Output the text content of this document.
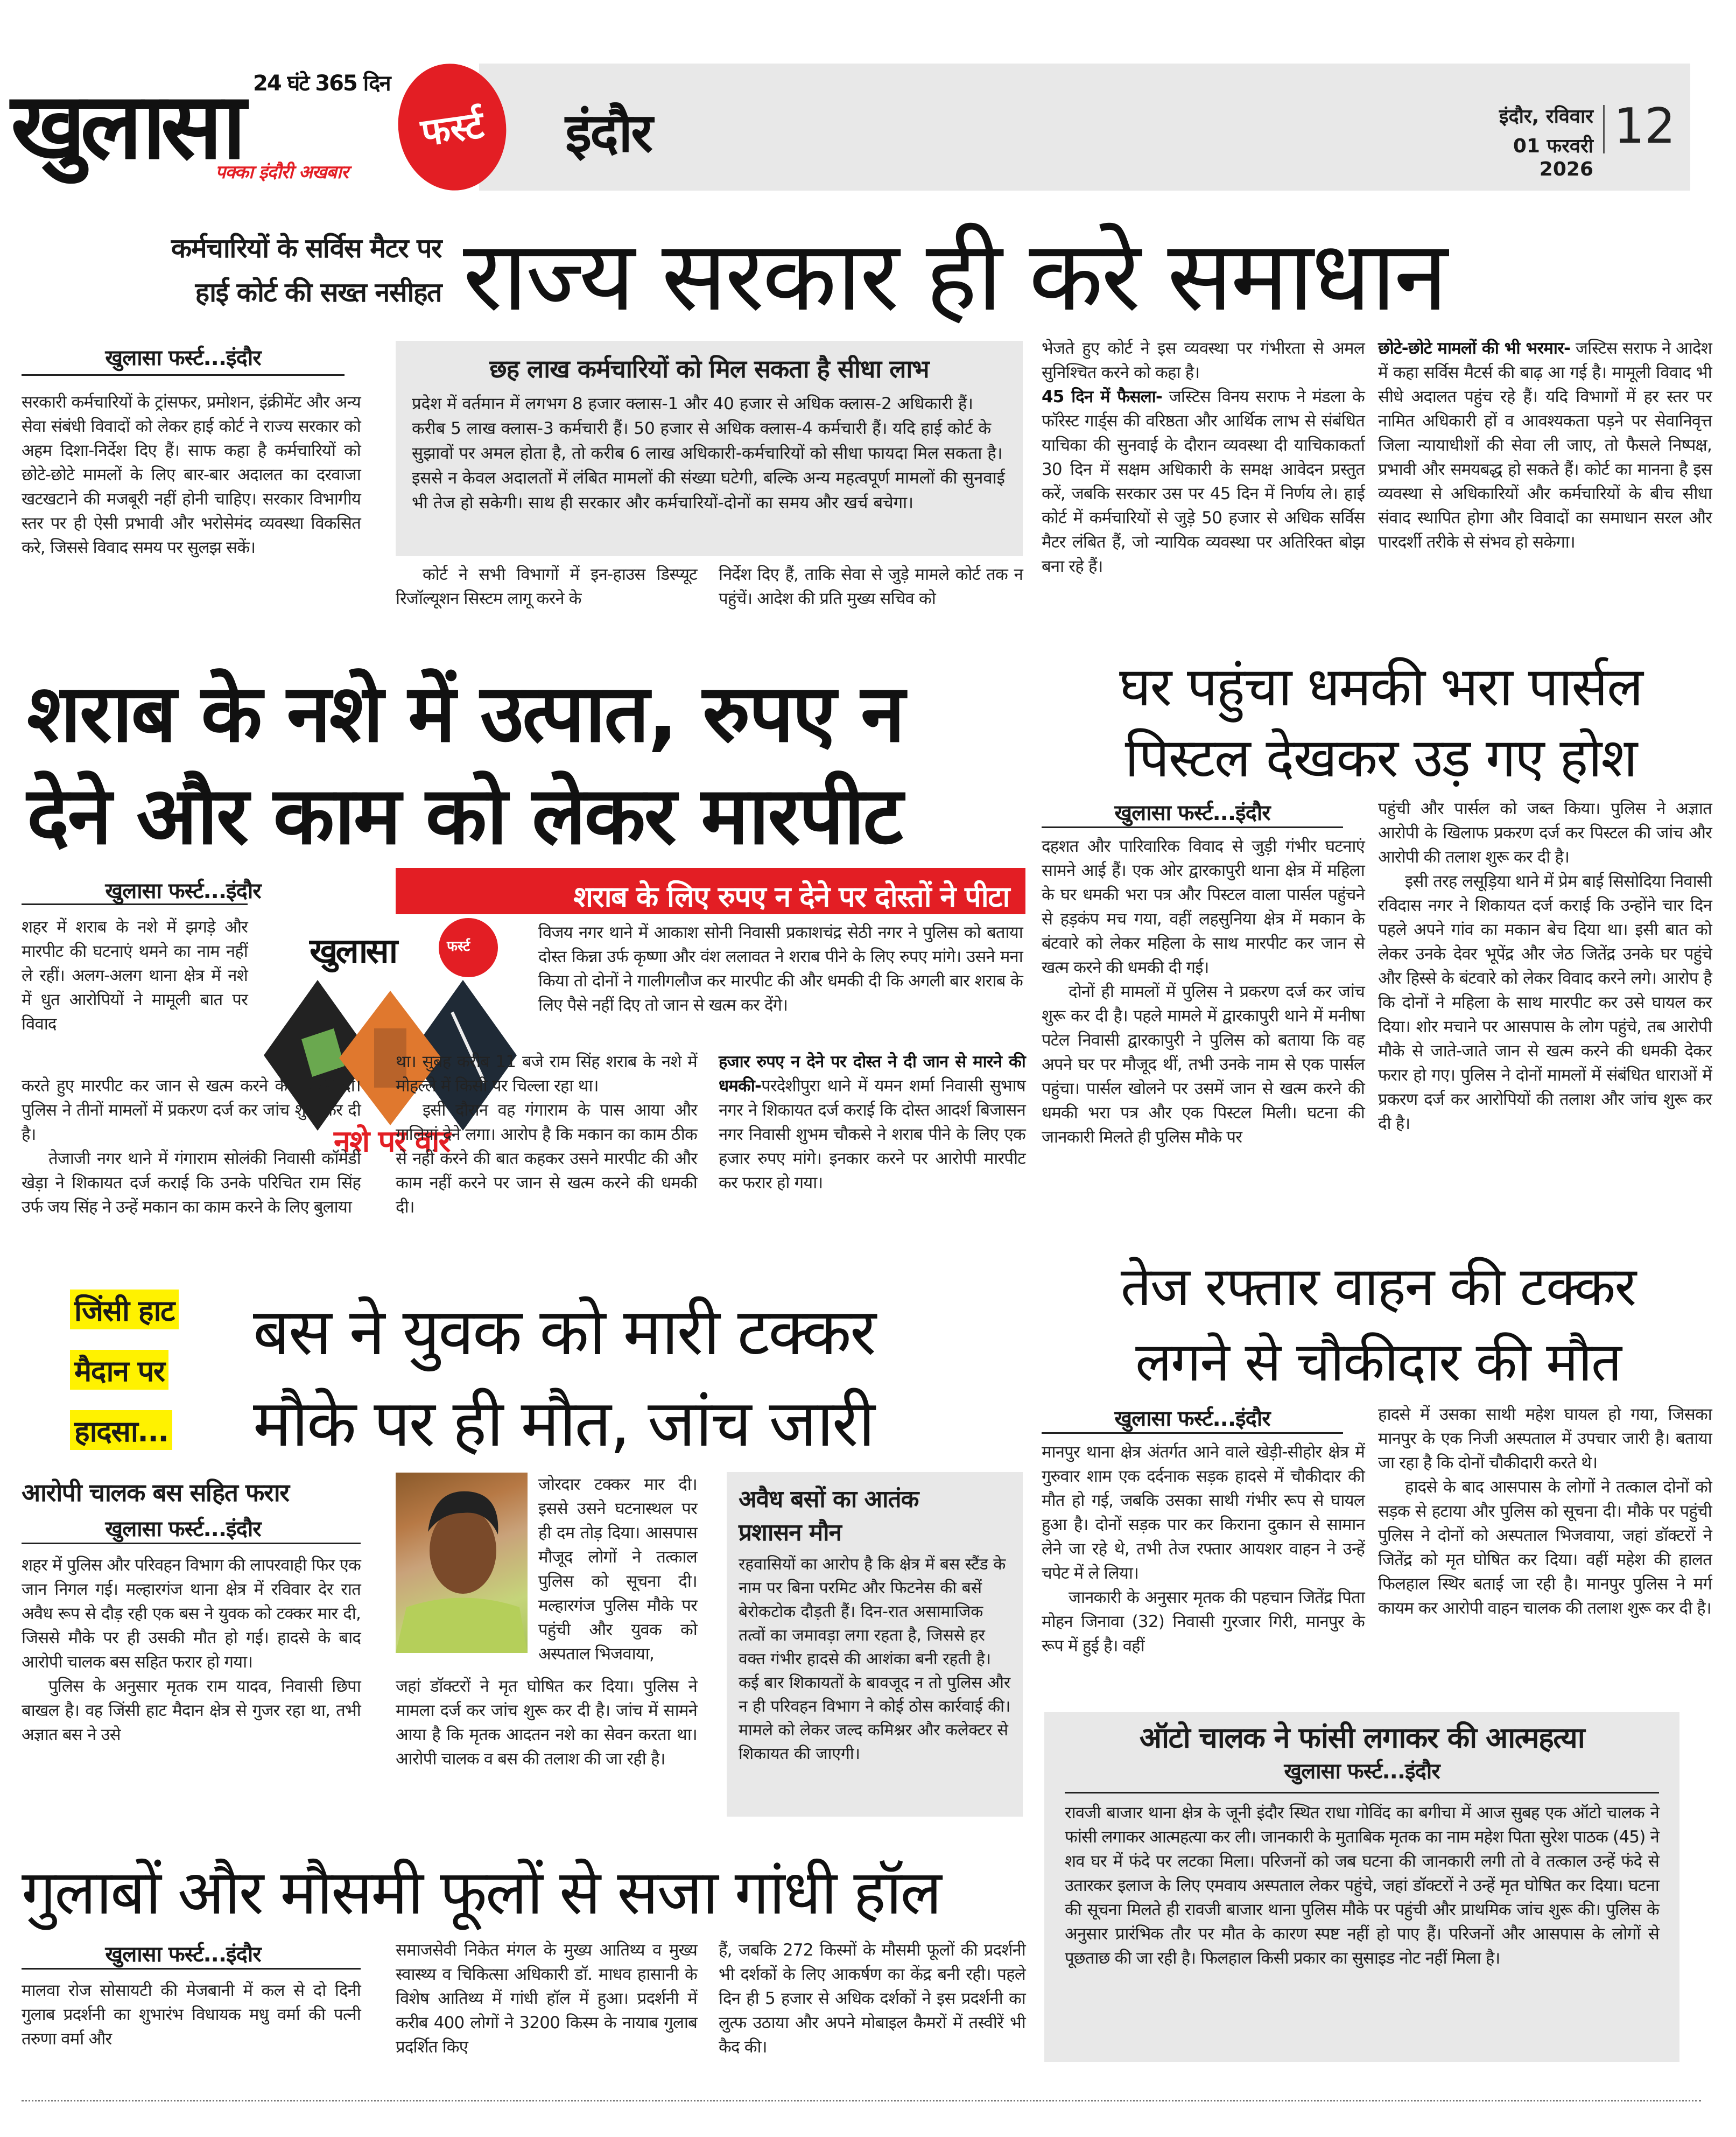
24 घंटे 365 दिन
खुलासा
पक्का इंदौरी अखबार
फर्स्ट इंदौर	इंदौर, रविवार
01 फरवरी 2026
12
कर्मचारियों के सर्विस मैटर पर
हाई कोर्ट की सख्त नसीहत राज्य सरकार ही करे समाधान
खुलासा फर्स्ट...इंदौर
सरकारी कर्मचारियों के ट्रांसफर, प्रमोशन, इंक्रीमेंट और अन्य सेवा संबंधी विवादों को लेकर हाई कोर्ट ने राज्य सरकार को अहम दिशा-निर्देश दिए हैं। साफ कहा है कर्मचारियों को छोटे-छोटे मामलों के लिए बार-बार अदालत का दरवाजा खटखटाने की मजबूरी नहीं होनी चाहिए। सरकार विभागीय स्तर पर ही ऐसी प्रभावी और भरोसेमंद व्यवस्था विकसित करे, जिससे विवाद समय पर सुलझ सकें।
छह लाख कर्मचारियों को मिल सकता है सीधा लाभ
प्रदेश में वर्तमान में लगभग 8 हजार क्लास-1 और 40 हजार से अधिक क्लास-2 अधिकारी हैं। करीब 5 लाख क्लास-3 कर्मचारी हैं। 50 हजार से अधिक क्लास-4 कर्मचारी हैं। यदि हाई कोर्ट के सुझावों पर अमल होता है, तो करीब 6 लाख अधिकारी-कर्मचारियों को सीधा फायदा मिल सकता है। इससे न केवल अदालतों में लंबित मामलों की संख्या घटेगी, बल्कि अन्य महत्वपूर्ण मामलों की सुनवाई भी तेज हो सकेगी। साथ ही सरकार और कर्मचारियों-दोनों का समय और खर्च बचेगा।
कोर्ट ने सभी विभागों में इन-हाउस डिस्प्यूट रिजॉल्यूशन सिस्टम लागू करने के
निर्देश दिए हैं, ताकि सेवा से जुड़े मामले कोर्ट तक न पहुंचें। आदेश की प्रति मुख्य सचिव को

भेजते हुए कोर्ट ने इस व्यवस्था पर गंभीरता से अमल सुनिश्चित करने को कहा है।

45 दिन में फैसला- जस्टिस विनय सराफ ने मंडला के फॉरेस्ट गार्ड्स की वरिष्ठता और आर्थिक लाभ से संबंधित याचिका की सुनवाई के दौरान व्यवस्था दी याचिकाकर्ता 30 दिन में सक्षम अधिकारी के समक्ष आवेदन प्रस्तुत करें, जबकि सरकार उस पर 45 दिन में निर्णय ले। हाई कोर्ट में कर्मचारियों से जुड़े 50 हजार से अधिक सर्विस मैटर लंबित हैं, जो न्यायिक व्यवस्था पर अतिरिक्त बोझ बना रहे हैं।

छोटे-छोटे मामलों की भी भरमार- जस्टिस सराफ ने आदेश में कहा सर्विस मैटर्स की बाढ़ आ गई है। मामूली विवाद भी सीधे अदालत पहुंच रहे हैं। यदि विभागों में हर स्तर पर नामित अधिकारी हों व आवश्यकता पड़ने पर सेवानिवृत्त जिला न्यायाधीशों की सेवा ली जाए, तो फैसले निष्पक्ष, प्रभावी और समयबद्ध हो सकते हैं। कोर्ट का मानना है इस व्यवस्था से अधिकारियों और कर्मचारियों के बीच सीधा संवाद स्थापित होगा और विवादों का समाधान सरल और पारदर्शी तरीके से संभव हो सकेगा।
शराब के नशे में उत्पात, रुपए न
देने और काम को लेकर मारपीट
खुलासा फर्स्ट...इंदौर	शराब के लिए रुपए न देने पर दोस्तों ने पीटा
शहर में शराब के नशे में झगड़े और मारपीट की घटनाएं थमने का नाम नहीं ले रहीं। अलग-अलग थाना क्षेत्र में नशे में धुत आरोपियों ने मामूली बात पर विवाद
खुलासा	फर्स्ट
नशे पर वार
विजय नगर थाने में आकाश सोनी निवासी प्रकाशचंद्र सेठी नगर ने पुलिस को बताया दोस्त किन्ना उर्फ कृष्णा और वंश ललावत ने शराब पीने के लिए रुपए मांगे। उसने मना किया तो दोनों ने गालीगलौज कर मारपीट की और धमकी दी कि अगली बार शराब के लिए पैसे नहीं दिए तो जान से खत्म कर देंगे।

करते हुए मारपीट कर जान से खत्म करने की धमकी दी। पुलिस ने तीनों मामलों में प्रकरण दर्ज कर जांच शुरू कर दी है।

तेजाजी नगर थाने में गंगाराम सोलंकी निवासी कॉमेडी खेड़ा ने शिकायत दर्ज कराई कि उनके परिचित राम सिंह उर्फ जय सिंह ने उन्हें मकान का काम करने के लिए बुलाया

था। सुबह करीब 11 बजे राम सिंह शराब के नशे में मोहल्ले में किसी पर चिल्ला रहा था।

इसी दौरान वह गंगाराम के पास आया और गालियां देने लगा। आरोप है कि मकान का काम ठीक से नहीं करने की बात कहकर उसने मारपीट की और काम नहीं करने पर जान से खत्म करने की धमकी दी।

हजार रुपए न देने पर दोस्त ने दी जान से मारने की धमकी-परदेशीपुरा थाने में यमन शर्मा निवासी सुभाष नगर ने शिकायत दर्ज कराई कि दोस्त आदर्श बिजासन नगर निवासी शुभम चौकसे ने शराब पीने के लिए एक हजार रुपए मांगे। इनकार करने पर आरोपी मारपीट कर फरार हो गया।
घर पहुंचा धमकी भरा पार्सल
पिस्टल देखकर उड़ गए होश
खुलासा फर्स्ट...इंदौर

दहशत और पारिवारिक विवाद से जुड़ी गंभीर घटनाएं सामने आई हैं। एक ओर द्वारकापुरी थाना क्षेत्र में महिला के घर धमकी भरा पत्र और पिस्टल वाला पार्सल पहुंचने से हड़कंप मच गया, वहीं लहसुनिया क्षेत्र में मकान के बंटवारे को लेकर महिला के साथ मारपीट कर जान से खत्म करने की धमकी दी गई।

दोनों ही मामलों में पुलिस ने प्रकरण दर्ज कर जांच शुरू कर दी है। पहले मामले में द्वारकापुरी थाने में मनीषा पटेल निवासी द्वारकापुरी ने पुलिस को बताया कि वह अपने घर पर मौजूद थीं, तभी उनके नाम से एक पार्सल पहुंचा। पार्सल खोलने पर उसमें जान से खत्म करने की धमकी भरा पत्र और एक पिस्टल मिली। घटना की जानकारी मिलते ही पुलिस मौके पर

पहुंची और पार्सल को जब्त किया। पुलिस ने अज्ञात आरोपी के खिलाफ प्रकरण दर्ज कर पिस्टल की जांच और आरोपी की तलाश शुरू कर दी है।

इसी तरह लसूड़िया थाने में प्रेम बाई सिसोदिया निवासी रविदास नगर ने शिकायत दर्ज कराई कि उन्होंने चार दिन पहले अपने गांव का मकान बेच दिया था। इसी बात को लेकर उनके देवर भूपेंद्र और जेठ जितेंद्र उनके घर पहुंचे और हिस्से के बंटवारे को लेकर विवाद करने लगे। आरोप है कि दोनों ने महिला के साथ मारपीट कर उसे घायल कर दिया। शोर मचाने पर आसपास के लोग पहुंचे, तब आरोपी मौके से जाते-जाते जान से खत्म करने की धमकी देकर फरार हो गए। पुलिस ने दोनों मामलों में संबंधित धाराओं में प्रकरण दर्ज कर आरोपियों की तलाश और जांच शुरू कर दी है।

जिंसी हाट
मैदान पर
हादसा...
बस ने युवक को मारी टक्कर
मौके पर ही मौत, जांच जारी
आरोपी चालक बस सहित फरार
खुलासा फर्स्ट...इंदौर

शहर में पुलिस और परिवहन विभाग की लापरवाही फिर एक जान निगल गई। मल्हारगंज थाना क्षेत्र में रविवार देर रात अवैध रूप से दौड़ रही एक बस ने युवक को टक्कर मार दी, जिससे मौके पर ही उसकी मौत हो गई। हादसे के बाद आरोपी चालक बस सहित फरार हो गया।

पुलिस के अनुसार मृतक राम यादव, निवासी छिपा बाखल है। वह जिंसी हाट मैदान क्षेत्र से गुजर रहा था, तभी अज्ञात बस ने उसे

जोरदार टक्कर मार दी। इससे उसने घटनास्थल पर ही दम तोड़ दिया। आसपास मौजूद लोगों ने तत्काल पुलिस को सूचना दी। मल्हारगंज पुलिस मौके पर पहुंची और युवक को अस्पताल भिजवाया,
जहां डॉक्टरों ने मृत घोषित कर दिया। पुलिस ने मामला दर्ज कर जांच शुरू कर दी है। जांच में सामने आया है कि मृतक आदतन नशे का सेवन करता था। आरोपी चालक व बस की तलाश की जा रही है।
अवैध बसों का आतंक
प्रशासन मौन
रहवासियों का आरोप है कि क्षेत्र में बस स्टैंड के नाम पर बिना परमिट और फिटनेस की बसें बेरोकटोक दौड़ती हैं। दिन-रात असामाजिक तत्वों का जमावड़ा लगा रहता है, जिससे हर वक्त गंभीर हादसे की आशंका बनी रहती है। कई बार शिकायतों के बावजूद न तो पुलिस और न ही परिवहन विभाग ने कोई ठोस कार्रवाई की। मामले को लेकर जल्द कमिश्नर और कलेक्टर से शिकायत की जाएगी।
तेज रफ्तार वाहन की टक्कर
लगने से चौकीदार की मौत
खुलासा फर्स्ट...इंदौर

मानपुर थाना क्षेत्र अंतर्गत आने वाले खेड़ी-सीहोर क्षेत्र में गुरुवार शाम एक दर्दनाक सड़क हादसे में चौकीदार की मौत हो गई, जबकि उसका साथी गंभीर रूप से घायल हुआ है। दोनों सड़क पार कर किराना दुकान से सामान लेने जा रहे थे, तभी तेज रफ्तार आयशर वाहन ने उन्हें चपेट में ले लिया।

जानकारी के अनुसार मृतक की पहचान जितेंद्र पिता मोहन जिनावा (32) निवासी गुरजार गिरी, मानपुर के रूप में हुई है। वहीं

हादसे में उसका साथी महेश घायल हो गया, जिसका मानपुर के एक निजी अस्पताल में उपचार जारी है। बताया जा रहा है कि दोनों चौकीदारी करते थे।

हादसे के बाद आसपास के लोगों ने तत्काल दोनों को सड़क से हटाया और पुलिस को सूचना दी। मौके पर पहुंची पुलिस ने दोनों को अस्पताल भिजवाया, जहां डॉक्टरों ने जितेंद्र को मृत घोषित कर दिया। वहीं महेश की हालत फिलहाल स्थिर बताई जा रही है। मानपुर पुलिस ने मर्ग कायम कर आरोपी वाहन चालक की तलाश शुरू कर दी है।

ऑटो चालक ने फांसी लगाकर की आत्महत्या
खुलासा फर्स्ट...इंदौर
रावजी बाजार थाना क्षेत्र के जूनी इंदौर स्थित राधा गोविंद का बगीचा में आज सुबह एक ऑटो चालक ने फांसी लगाकर आत्महत्या कर ली। जानकारी के मुताबिक मृतक का नाम महेश पिता सुरेश पाठक (45) ने शव घर में फंदे पर लटका मिला। परिजनों को जब घटना की जानकारी लगी तो वे तत्काल उन्हें फंदे से उतारकर इलाज के लिए एमवाय अस्पताल लेकर पहुंचे, जहां डॉक्टरों ने उन्हें मृत घोषित कर दिया। घटना की सूचना मिलते ही रावजी बाजार थाना पुलिस मौके पर पहुंची और प्राथमिक जांच शुरू की। पुलिस के अनुसार प्रारंभिक तौर पर मौत के कारण स्पष्ट नहीं हो पाए हैं। परिजनों और आसपास के लोगों से पूछताछ की जा रही है। फिलहाल किसी प्रकार का सुसाइड नोट नहीं मिला है।
गुलाबों और मौसमी फूलों से सजा गांधी हॉल
खुलासा फर्स्ट...इंदौर
मालवा रोज सोसायटी की मेजबानी में कल से दो दिनी गुलाब प्रदर्शनी का शुभारंभ विधायक मधु वर्मा की पत्नी तरुणा वर्मा और
समाजसेवी निकेत मंगल के मुख्य आतिथ्य व मुख्य स्वास्थ्य व चिकित्सा अधिकारी डॉ. माधव हासानी के विशेष आतिथ्य में गांधी हॉल में हुआ। प्रदर्शनी में करीब 400 लोगों ने 3200 किस्म के नायाब गुलाब प्रदर्शित किए
हैं, जबकि 272 किस्मों के मौसमी फूलों की प्रदर्शनी भी दर्शकों के लिए आकर्षण का केंद्र बनी रही। पहले दिन ही 5 हजार से अधिक दर्शकों ने इस प्रदर्शनी का लुत्फ उठाया और अपने मोबाइल कैमरों में तस्वीरें भी कैद की।
